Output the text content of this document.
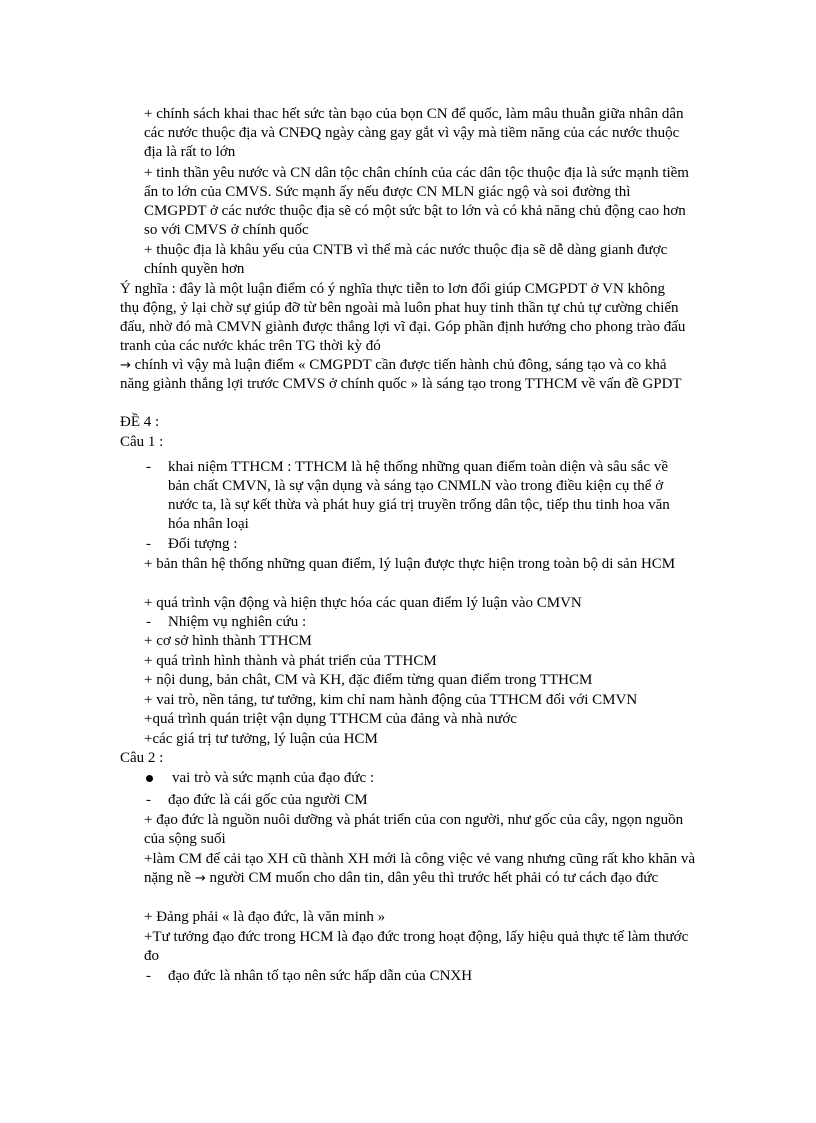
+ chính sách khai thac hết sức tàn bạo của bọn CN để quốc, làm mâu thuẫn giữa nhân dân các nước thuộc địa và CNĐQ ngày càng gay gắt vì vậy mà tiềm năng của các nước thuộc địa là rất to lớn
+ tinh thần yêu nước và CN dân tộc chân chính của các dân tộc thuộc địa là sức mạnh tiềm ẩn to lớn của CMVS. Sức mạnh ấy nếu được CN MLN giác ngộ và soi đường thì CMGPDT ở các nước thuộc địa sẽ có một sức bật to lớn và có khả năng chủ động cao hơn so với CMVS ở chính quốc
+ thuộc địa là khâu yếu của CNTB vì thế mà các nước thuộc địa sẽ dễ dàng gianh được chính quyền hơn
Ý nghĩa : đây là một luận điểm có ý nghĩa thực tiễn to lơn đối giúp CMGPDT ở VN không thụ động, ỷ lại chờ sự giúp đỡ từ bên ngoài mà luôn phat huy tinh thần tự chủ tự cường chiến đấu, nhờ đó mà CMVN giành được thắng lợi vĩ đại. Góp phần định hướng cho phong trào đấu tranh của các nước khác trên TG thời kỳ đó
→ chính vì vậy mà luận điểm « CMGPDT cần được tiến hành chủ đông, sáng tạo và co khả năng giành thắng lợi trước CMVS ở chính quốc » là sáng tạo trong TTHCM về vấn đề GPDT
ĐỀ 4 :
Câu 1 :
- khai niệm TTHCM : TTHCM là hệ thống những quan điểm toàn diện và sâu sắc về bản chất CMVN, là sự vận dụng và sáng tạo CNMLN vào trong điều kiện cụ thể ở nước ta, là sự kết thừa và phát huy giá trị truyền trống dân tộc, tiếp thu tinh hoa văn hóa nhân loại
- Đối tượng :
+ bản thân hệ thống những quan điểm, lý luận được thực hiện trong toàn bộ di sản HCM
+ quá trình vận động và hiện thực hóa các quan điểm lý luận vào CMVN
- Nhiệm vụ nghiên cứu :
+ cơ sở hình thành TTHCM
+ quá trình hình thành và phát triển của TTHCM
+ nội dung, bản chât, CM và KH, đặc điểm từng quan điểm trong TTHCM
+ vai trò, nền tảng, tư tưởng, kim chỉ nam hành động của TTHCM đối với CMVN
+quá trình quán triệt vận dụng TTHCM của đảng và nhà nước
+các giá trị tư tưởng, lý luận của HCM
Câu 2 :
vai trò và sức mạnh của đạo đức :
- đạo đức là cái gốc của người CM
+ đạo đức là nguồn nuôi dưỡng và phát triển của con người, như gốc của cây, ngọn nguồn của sộng suối
+làm CM để cải tạo XH cũ thành XH mới là công việc vẻ vang nhưng cũng rất kho khăn và nặng nề → người CM muốn cho dân tin, dân yêu thì trước hết phải có tư cách đạo đức
+ Đảng phải « là đạo đức, là văn minh »
+Tư tưởng đạo đức trong HCM là đạo đức trong hoạt động, lấy hiệu quả thực tế làm thước đo
- đạo đức là nhân tố tạo nên sức hấp dẫn của CNXH
